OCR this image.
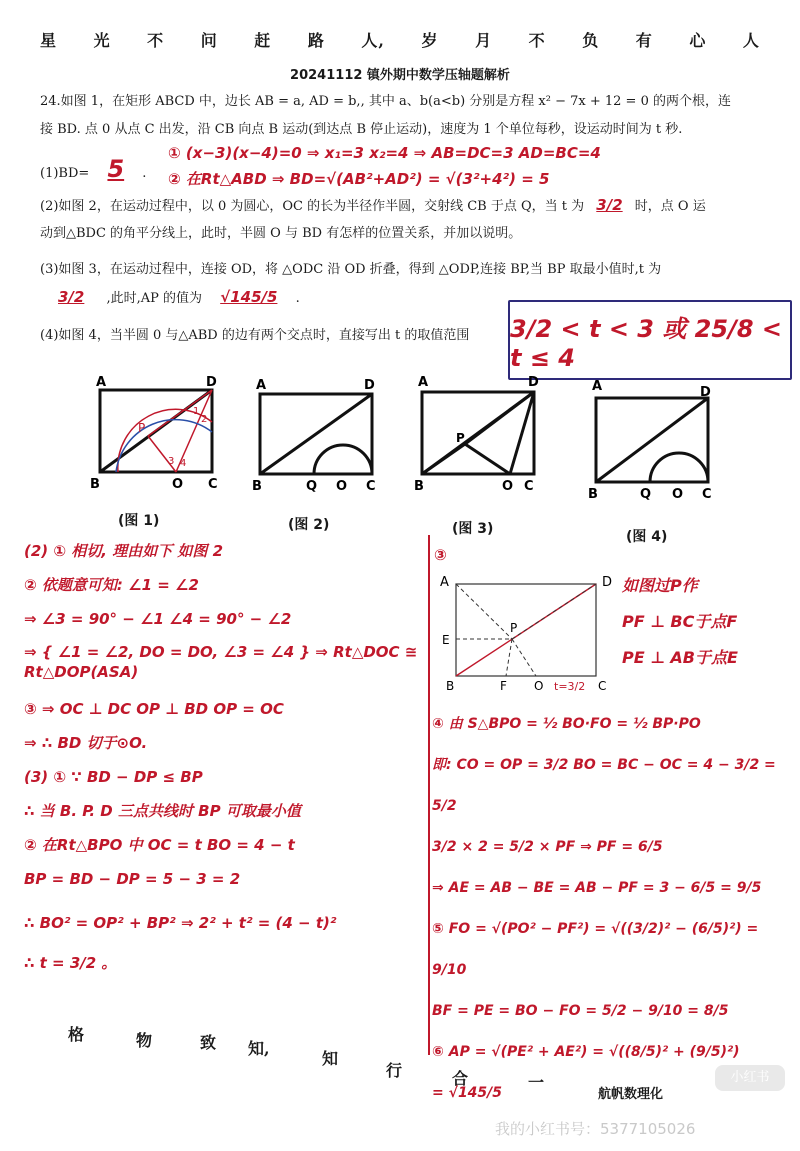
星 光 不 问 赶 路 人, 岁 月 不 负 有 心 人
20241112 镇外期中数学压轴题解析
24.如图 1，在矩形 ABCD 中，边长 AB = a, AD = b,, 其中 a、b(a<b) 分别是方程 x² − 7x + 12 = 0 的两个根，连
接 BD. 点 0 从点 C 出发，沿 CB 向点 B 运动(到达点 B 停止运动)，速度为 1 个单位每秒，设运动时间为 t 秒.
(1)BD= 5 .
① (x−3)(x−4)=0 ⇒ x₁=3 x₂=4 ⇒ AB=DC=3 AD=BC=4
② 在Rt△ABD ⇒ BD=√(AB²+AD²) = √(3²+4²) = 5
(2)如图 2，在运动过程中，以 0 为圆心，OC 的长为半径作半圆，交射线 CB 于点 Q，当 t 为 3/2 时，点 O 运
动到△BDC 的角平分线上，此时，半圆 O 与 BD 有怎样的位置关系，并加以说明。
(3)如图 3，在运动过程中，连接 OD，将 △ODC 沿 OD 折叠，得到 △ODP,连接 BP,当 BP 取最小值时,t 为
3/2 ,此时,AP 的值为 √145/5 .
(4)如图 4，当半圆 0 与△ABD 的边有两个交点时，直接写出 t 的取值范围	3/2 < t < 3 或 25/8 < t ≤ 4
A	D
B	O C
P
1
2
3 4
(图 1)
A	D
B	Q O C
(图 2)
A	D
B	O C
P
(图 3)
A	D
B	Q O C
(图 4)
(2) ① 相切, 理由如下 如图 2
② 依题意可知: ∠1 = ∠2
⇒ ∠3 = 90° − ∠1 ∠4 = 90° − ∠2
⇒ { ∠1 = ∠2, DO = DO, ∠3 = ∠4 } ⇒ Rt△DOC ≅ Rt△DOP(ASA)
③ ⇒ OC ⊥ DC OP ⊥ BD OP = OC
⇒ ∴ BD 切于⊙O.
(3) ① ∵ BD − DP ≤ BP
∴ 当 B. P. D 三点共线时 BP 可取最小值
② 在Rt△BPO 中 OC = t BO = 4 − t
BP = BD − DP = 5 − 3 = 2
∴ BO² = OP² + BP² ⇒ 2² + t² = (4 − t)²
∴ t = 3/2 。
③
A	D
E
P
B	F O t=3/2 C
如图过P作
PF ⊥ BC于点F
PE ⊥ AB于点E
④ 由 S△BPO = ½ BO·FO = ½ BP·PO
即: CO = OP = 3/2 BO = BC − OC = 4 − 3/2 = 5/2
3/2 × 2 = 5/2 × PF ⇒ PF = 6/5
⇒ AE = AB − BE = AB − PF = 3 − 6/5 = 9/5
⑤ FO = √(PO² − PF²) = √((3/2)² − (6/5)²) = 9/10
BF = PE = BO − FO = 5/2 − 9/10 = 8/5
⑥ AP = √(PE² + AE²) = √((8/5)² + (9/5)²)
= √145/5
格	物	致 知,
知
行	合	一
航帆数理化
小红书
我的小红书号：5377105026
